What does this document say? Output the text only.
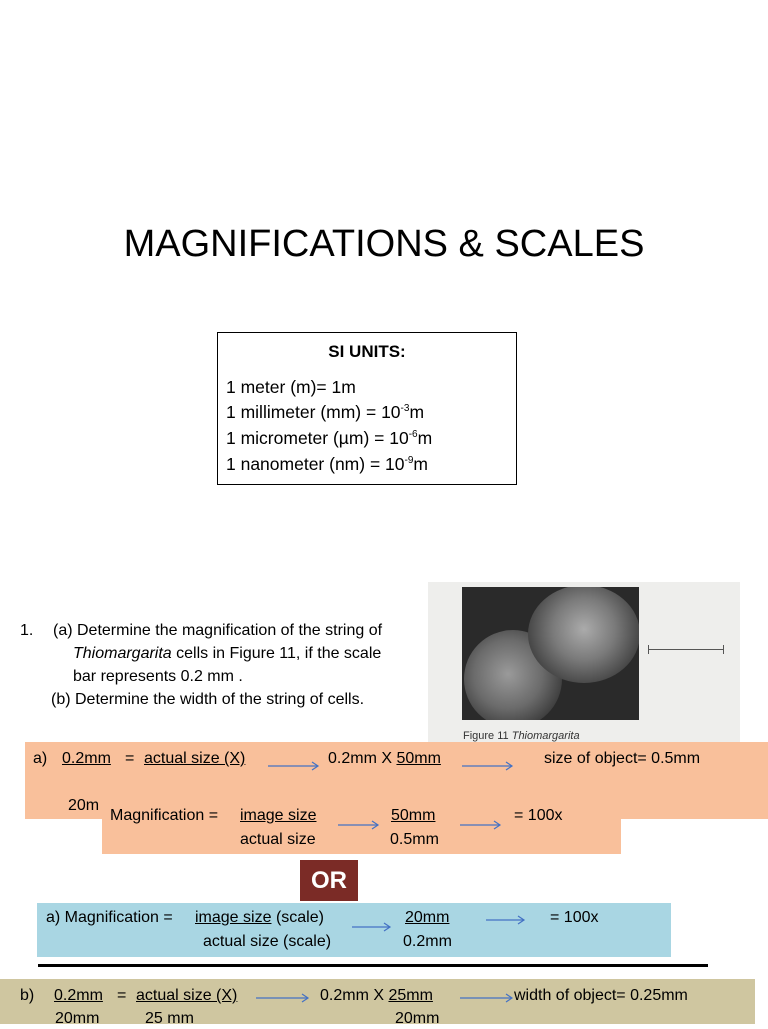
MAGNIFICATIONS & SCALES
SI UNITS:
1 meter (m)= 1m
1 millimeter $(mm) = 10^{-3}m$
1 micrometer $(\mu m) = 10^{-6}m$
1 nanometer $(nm) = 10^{-9}m$
1. (a) Determine the magnification of the string of
Thiomargarita cells in Figure 11, if the scale
bar represents 0.2 mm .
(b) Determine the width of the string of cells.
Figure 11 Thiomargarita
a) 0.2mm = actual size (X)	0.2mm X 50mm	size of object= 0.5mm
20m
Magnification = image size
actual size
50mm
0.5mm
= 100x
OR
a) Magnification = image size (scale)
actual size (scale)
20mm
0.2mm
= 100x
b) 0.2mm = actual size (X)	0.2mm X 25mm	width of object= 0.25mm
20mm	25 mm	20mm
